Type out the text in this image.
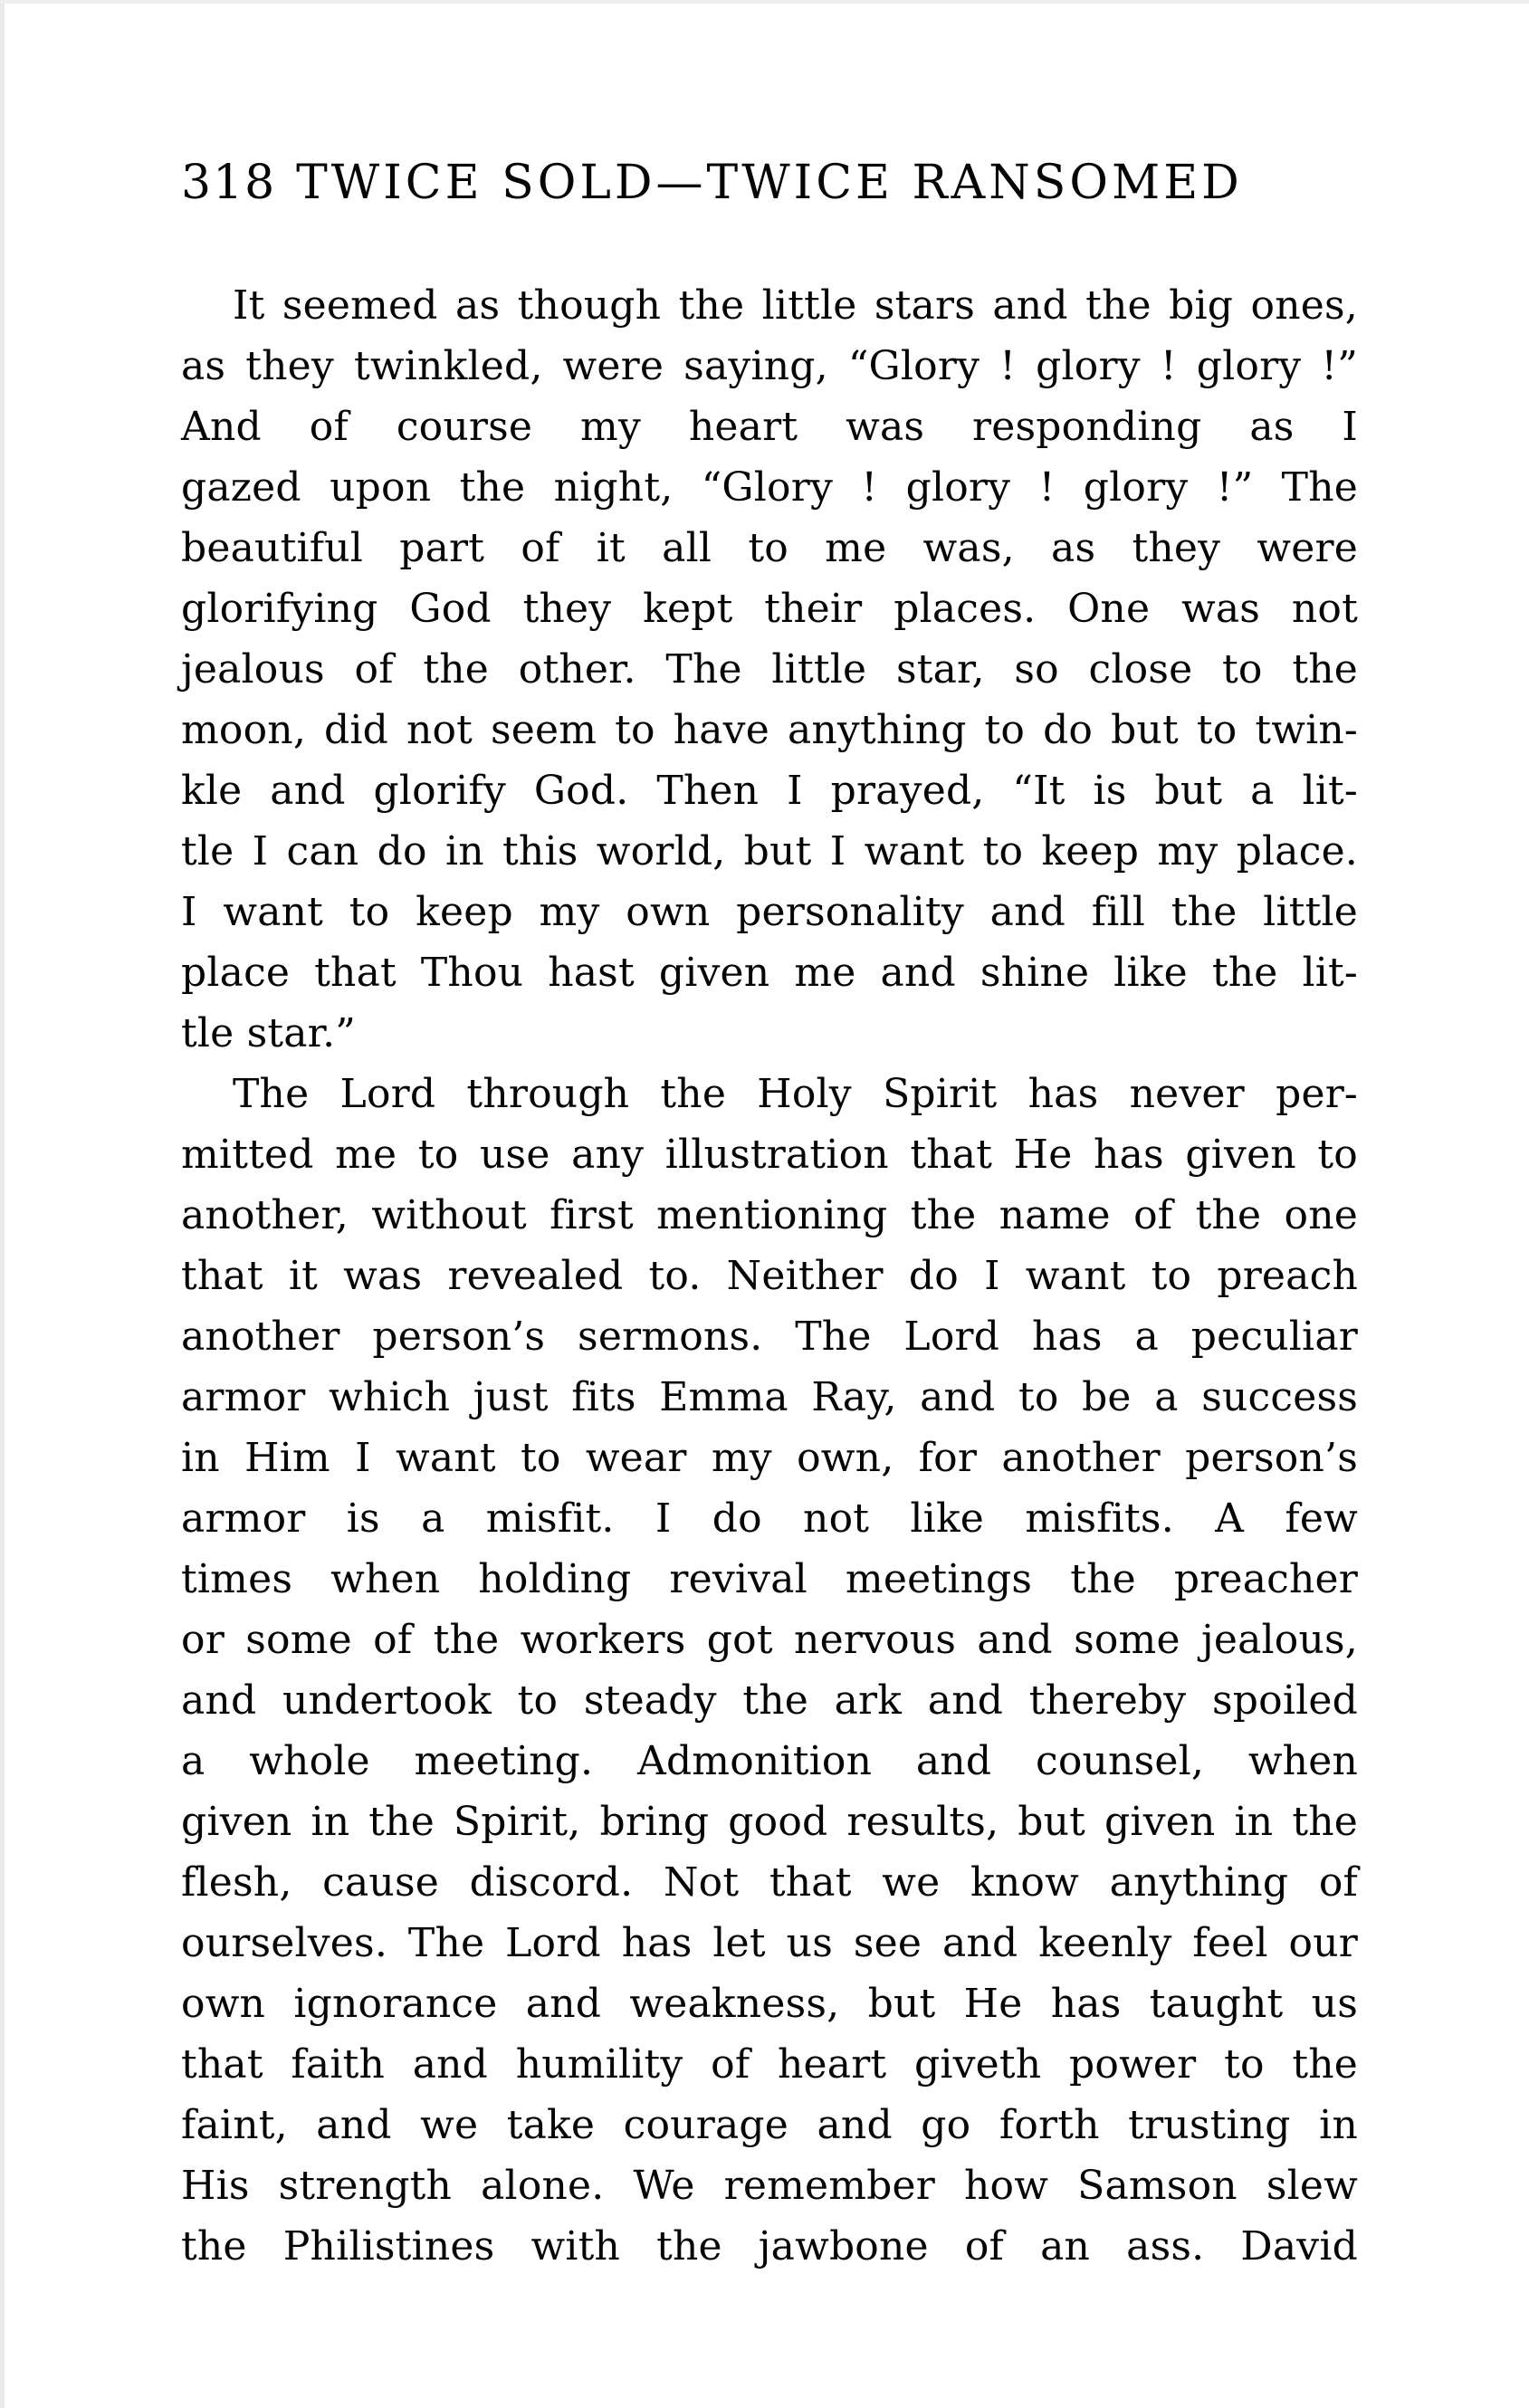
318 TWICE SOLD—TWICE RANSOMED
It seemed as though the little stars and the big ones,
as they twinkled, were saying, “Glory ! glory ! glory !”
And of course my heart was responding as I
gazed upon the night, “Glory ! glory ! glory !” The
beautiful part of it all to me was, as they were
glorifying God they kept their places. One was not
jealous of the other. The little star, so close to the
moon, did not seem to have anything to do but to twin-
kle and glorify God. Then I prayed, “It is but a lit-
tle I can do in this world, but I want to keep my place.
I want to keep my own personality and fill the little
place that Thou hast given me and shine like the lit-
tle star.”
The Lord through the Holy Spirit has never per-
mitted me to use any illustration that He has given to
another, without first mentioning the name of the one
that it was revealed to. Neither do I want to preach
another person’s sermons. The Lord has a peculiar
armor which just fits Emma Ray, and to be a success
in Him I want to wear my own, for another person’s
armor is a misfit. I do not like misfits. A few
times when holding revival meetings the preacher
or some of the workers got nervous and some jealous,
and undertook to steady the ark and thereby spoiled
a whole meeting. Admonition and counsel, when
given in the Spirit, bring good results, but given in the
flesh, cause discord. Not that we know anything of
ourselves. The Lord has let us see and keenly feel our
own ignorance and weakness, but He has taught us
that faith and humility of heart giveth power to the
faint, and we take courage and go forth trusting in
His strength alone. We remember how Samson slew
the Philistines with the jawbone of an ass. David
